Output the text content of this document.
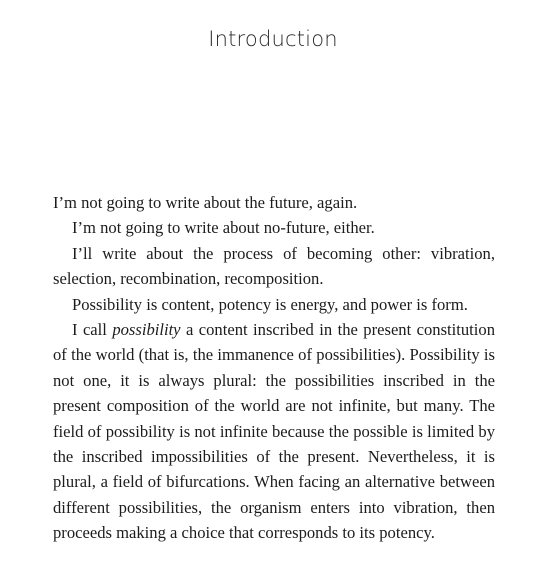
Introduction

I’m not going to write about the future, again.

I’m not going to write about no-future, either.

I’ll write about the process of becoming other: vibration, selection, recombination, recomposition.

Possibility is content, potency is energy, and power is form.

I call possibility a content inscribed in the present constitution of the world (that is, the immanence of possibilities). Possibility is not one, it is always plural: the possibilities inscribed in the present composition of the world are not infinite, but many. The field of possibility is not infinite because the possible is limited by the inscribed impossibilities of the present. Nevertheless, it is plural, a field of bifurcations. When facing an alternative between different possibilities, the organism enters into vibration, then proceeds making a choice that corresponds to its potency.
